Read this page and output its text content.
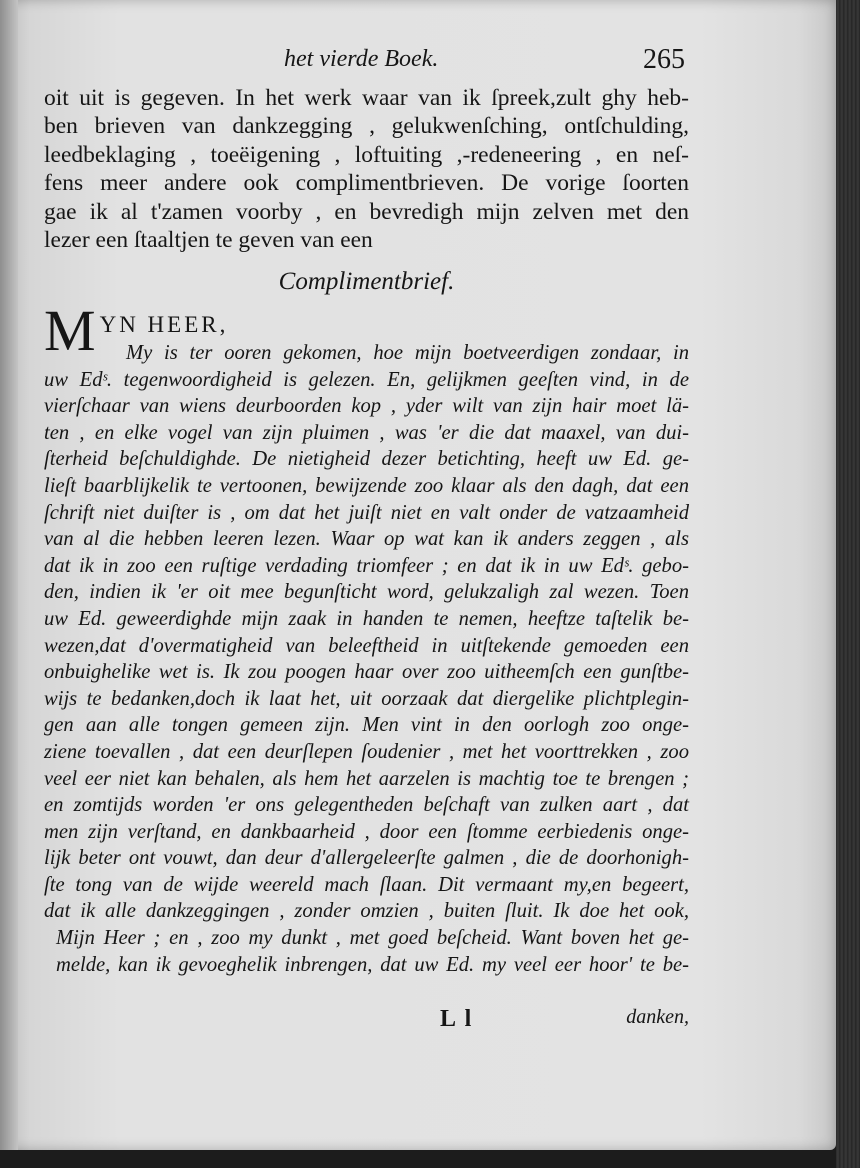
het vierde Boek.	265
oit uit is gegeven. In het werk waar van ik ſpreek,zult ghy heb-
ben brieven van dankzegging , gelukwenſching, ontſchulding,
leedbeklaging , toeëigening , loftuiting ,-redeneering , en neſ-
fens meer andere ook complimentbrieven. De vorige ſoorten
gae ik al t'zamen voorby , en bevredigh mijn zelven met den
lezer een ſtaaltjen te geven van een
Complimentbrief.
M YN HEER,
My is ter ooren gekomen, hoe mijn boetveerdigen zondaar, in
uw Edˢ. tegenwoordigheid is gelezen. En, gelijkmen geeſten vind, in de
vierſchaar van wiens deurboorden kop , yder wilt van zijn hair moet lä-
ten , en elke vogel van zijn pluimen , was 'er die dat maaxel, van dui-
ſterheid beſchuldighde. De nietigheid dezer betichting, heeft uw Ed. ge-
lieſt baarblijkelik te vertoonen, bewijzende zoo klaar als den dagh, dat een
ſchrift niet duiſter is , om dat het juiſt niet en valt onder de vatzaamheid
van al die hebben leeren lezen. Waar op wat kan ik anders zeggen , als
dat ik in zoo een ruſtige verdading triomfeer ; en dat ik in uw Edˢ. gebo-
den, indien ik 'er oit mee begunſticht word, gelukzaligh zal wezen. Toen
uw Ed. geweerdighde mijn zaak in handen te nemen, heeftze taſtelik be-
wezen,dat d'overmatigheid van beleeftheid in uitſtekende gemoeden een
onbuighelike wet is. Ik zou poogen haar over zoo uitheemſch een gunſtbe-
wijs te bedanken,doch ik laat het, uit oorzaak dat diergelike plichtplegin-
gen aan alle tongen gemeen zijn. Men vint in den oorlogh zoo onge-
ziene toevallen , dat een deurſlepen ſoudenier , met het voorttrekken , zoo
veel eer niet kan behalen, als hem het aarzelen is machtig toe te brengen ;
en zomtijds worden 'er ons gelegentheden beſchaft van zulken aart , dat
men zijn verſtand, en dankbaarheid , door een ſtomme eerbiedenis onge-
lijk beter ont vouwt, dan deur d'allergeleerſte galmen , die de doorhonigh-
ſte tong van de wijde weereld mach ſlaan. Dit vermaant my,en begeert,
dat ik alle dankzeggingen , zonder omzien , buiten ſluit. Ik doe het ook,
Mijn Heer ; en , zoo my dunkt , met goed beſcheid. Want boven het ge-
melde, kan ik gevoeghelik inbrengen, dat uw Ed. my veel eer hoor' te be-
L l	danken,
